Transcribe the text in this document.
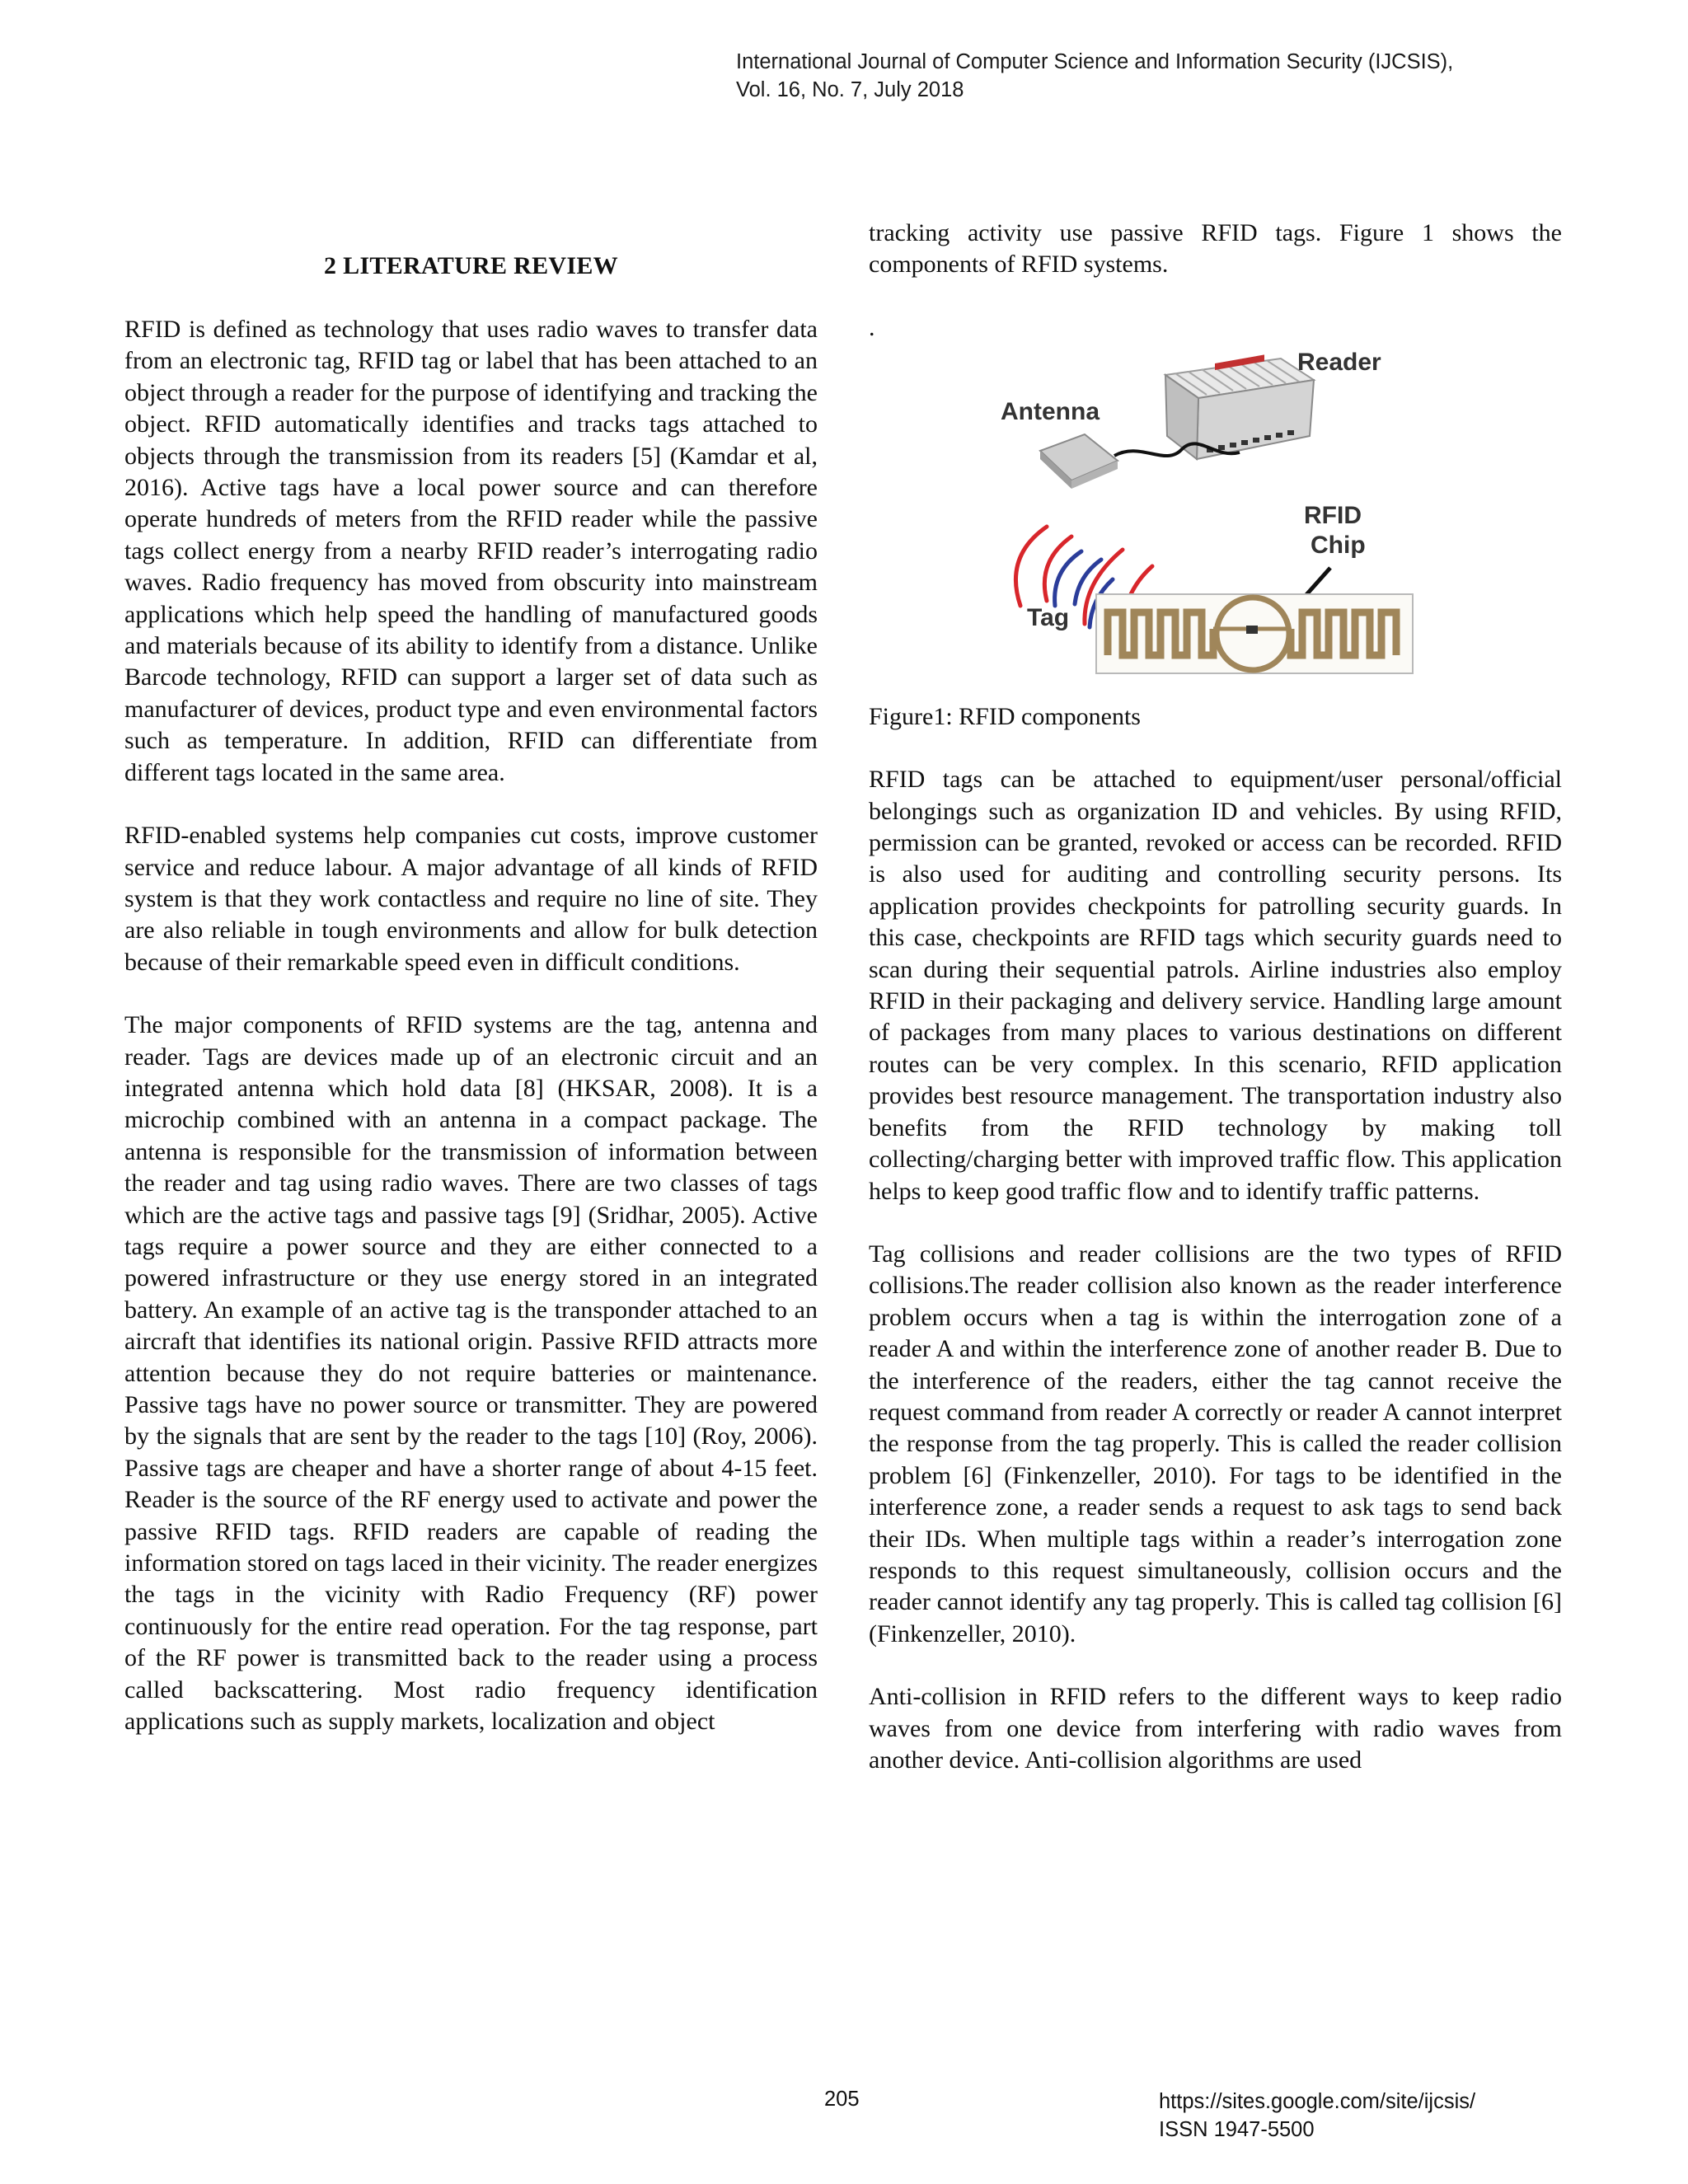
International Journal of Computer Science and Information Security (IJCSIS),
Vol. 16, No. 7, July 2018
2 LITERATURE REVIEW

RFID is defined as technology that uses radio waves to transfer data from an electronic tag, RFID tag or label that has been attached to an object through a reader for the purpose of identifying and tracking the object. RFID automatically identifies and tracks tags attached to objects through the transmission from its readers [5] (Kamdar et al, 2016). Active tags have a local power source and can therefore operate hundreds of meters from the RFID reader while the passive tags collect energy from a nearby RFID reader’s interrogating radio waves. Radio frequency has moved from obscurity into mainstream applications which help speed the handling of manufactured goods and materials because of its ability to identify from a distance. Unlike Barcode technology, RFID can support a larger set of data such as manufacturer of devices, product type and even environmental factors such as temperature. In addition, RFID can differentiate from different tags located in the same area.

RFID-enabled systems help companies cut costs, improve customer service and reduce labour. A major advantage of all kinds of RFID system is that they work contactless and require no line of site. They are also reliable in tough environments and allow for bulk detection because of their remarkable speed even in difficult conditions.

The major components of RFID systems are the tag, antenna and reader. Tags are devices made up of an electronic circuit and an integrated antenna which hold data [8] (HKSAR, 2008). It is a microchip combined with an antenna in a compact package. The antenna is responsible for the transmission of information between the reader and tag using radio waves. There are two classes of tags which are the active tags and passive tags [9] (Sridhar, 2005). Active tags require a power source and they are either connected to a powered infrastructure or they use energy stored in an integrated battery. An example of an active tag is the transponder attached to an aircraft that identifies its national origin. Passive RFID attracts more attention because they do not require batteries or maintenance. Passive tags have no power source or transmitter. They are powered by the signals that are sent by the reader to the tags [10] (Roy, 2006). Passive tags are cheaper and have a shorter range of about 4-15 feet. Reader is the source of the RF energy used to activate and power the passive RFID tags. RFID readers are capable of reading the information stored on tags laced in their vicinity. The reader energizes the tags in the vicinity with Radio Frequency (RF) power continuously for the entire read operation. For the tag response, part of the RF power is transmitted back to the reader using a process called backscattering. Most radio frequency identification applications such as supply markets, localization and object

tracking activity use passive RFID tags. Figure 1 shows the components of RFID systems.

.
Reader
Antenna
RFID
Chip
Tag

Figure1: RFID components

RFID tags can be attached to equipment/user personal/official belongings such as organization ID and vehicles. By using RFID, permission can be granted, revoked or access can be recorded. RFID is also used for auditing and controlling security persons. Its application provides checkpoints for patrolling security guards. In this case, checkpoints are RFID tags which security guards need to scan during their sequential patrols. Airline industries also employ RFID in their packaging and delivery service. Handling large amount of packages from many places to various destinations on different routes can be very complex. In this scenario, RFID application provides best resource management. The transportation industry also benefits from the RFID technology by making toll collecting/charging better with improved traffic flow. This application helps to keep good traffic flow and to identify traffic patterns.

Tag collisions and reader collisions are the two types of RFID collisions.The reader collision also known as the reader interference problem occurs when a tag is within the interrogation zone of a reader A and within the interference zone of another reader B. Due to the interference of the readers, either the tag cannot receive the request command from reader A correctly or reader A cannot interpret the response from the tag properly. This is called the reader collision problem [6] (Finkenzeller, 2010). For tags to be identified in the interference zone, a reader sends a request to ask tags to send back their IDs. When multiple tags within a reader’s interrogation zone responds to this request simultaneously, collision occurs and the reader cannot identify any tag properly. This is called tag collision [6] (Finkenzeller, 2010).

Anti-collision in RFID refers to the different ways to keep radio waves from one device from interfering with radio waves from another device. Anti-collision algorithms are used

205	https://sites.google.com/site/ijcsis/
ISSN 1947-5500
